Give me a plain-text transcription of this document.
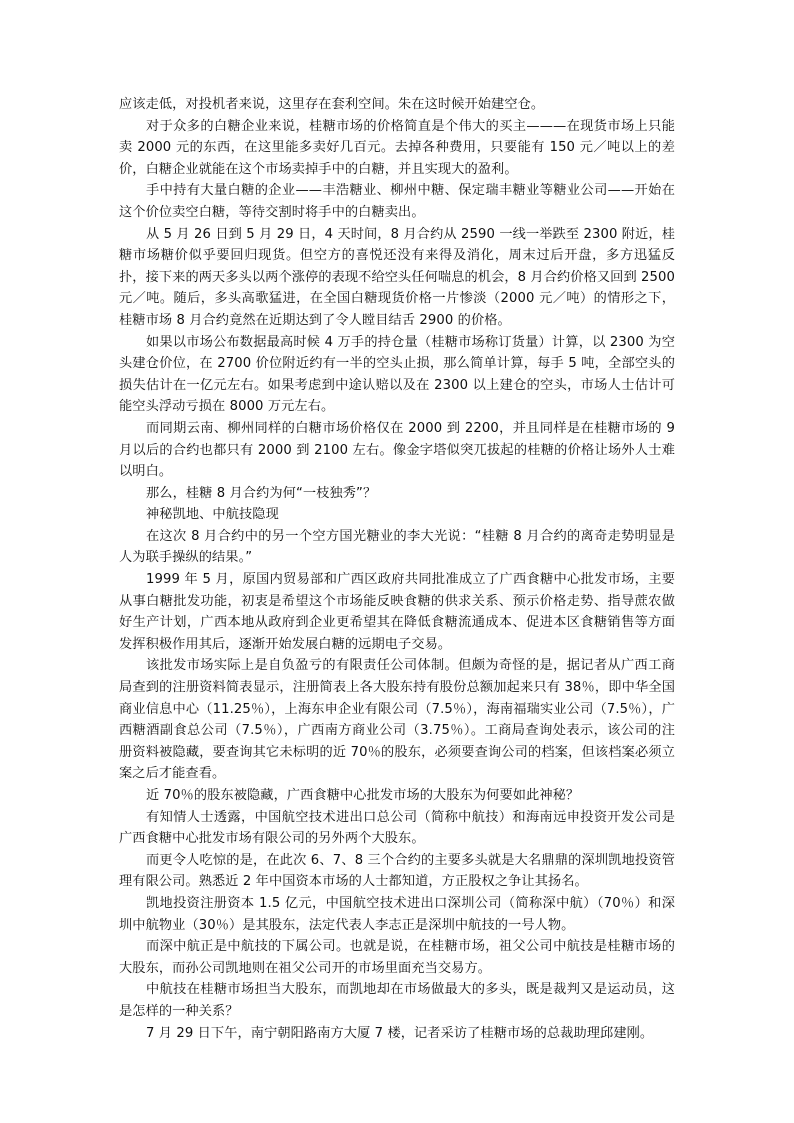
应该走低，对投机者来说，这里存在套利空间。朱在这时候开始建空仓。

对于众多的白糖企业来说，桂糖市场的价格简直是个伟大的买主———在现货市场上只能卖 2000 元的东西，在这里能多卖好几百元。去掉各种费用，只要能有 150 元／吨以上的差价，白糖企业就能在这个市场卖掉手中的白糖，并且实现大的盈利。

手中持有大量白糖的企业——丰浩糖业、柳州中糖、保定瑞丰糖业等糖业公司——开始在这个价位卖空白糖，等待交割时将手中的白糖卖出。

从 5 月 26 日到 5 月 29 日，4 天时间，8 月合约从 2590 一线一举跌至 2300 附近，桂糖市场糖价似乎要回归现货。但空方的喜悦还没有来得及消化，周末过后开盘，多方迅猛反扑，接下来的两天多头以两个涨停的表现不给空头任何喘息的机会，8 月合约价格又回到 2500元／吨。随后，多头高歌猛进，在全国白糖现货价格一片惨淡（2000 元／吨）的情形之下，桂糖市场 8 月合约竟然在近期达到了令人瞠目结舌 2900 的价格。

如果以市场公布数据最高时候 4 万手的持仓量（桂糖市场称订货量）计算，以 2300 为空头建仓价位，在 2700 价位附近约有一半的空头止损，那么简单计算，每手 5 吨，全部空头的损失估计在一亿元左右。如果考虑到中途认赔以及在 2300 以上建仓的空头，市场人士估计可能空头浮动亏损在 8000 万元左右。

而同期云南、柳州同样的白糖市场价格仅在 2000 到 2200，并且同样是在桂糖市场的 9 月以后的合约也都只有 2000 到 2100 左右。像金字塔似突兀拔起的桂糖的价格让场外人士难以明白。

那么，桂糖 8 月合约为何“一枝独秀”？

神秘凯地、中航技隐现

在这次 8 月合约中的另一个空方国光糖业的李大光说：“桂糖 8 月合约的离奇走势明显是人为联手操纵的结果。”

1999 年 5 月，原国内贸易部和广西区政府共同批准成立了广西食糖中心批发市场，主要从事白糖批发功能，初衷是希望这个市场能反映食糖的供求关系、预示价格走势、指导蔗农做好生产计划，广西本地从政府到企业更希望其在降低食糖流通成本、促进本区食糖销售等方面发挥积极作用其后，逐渐开始发展白糖的远期电子交易。

该批发市场实际上是自负盈亏的有限责任公司体制。但颇为奇怪的是，据记者从广西工商局查到的注册资料简表显示，注册简表上各大股东持有股份总额加起来只有 38％，即中华全国商业信息中心（11.25％），上海东申企业有限公司（7.5％），海南福瑞实业公司（7.5％），广西糖酒副食总公司（7.5％），广西南方商业公司（3.75％）。工商局查询处表示，该公司的注册资料被隐藏，要查询其它未标明的近 70％的股东，必须要查询公司的档案，但该档案必须立案之后才能查看。

近 70％的股东被隐藏，广西食糖中心批发市场的大股东为何要如此神秘？

有知情人士透露，中国航空技术进出口总公司（简称中航技）和海南远申投资开发公司是广西食糖中心批发市场有限公司的另外两个大股东。

而更令人吃惊的是，在此次 6、7、8 三个合约的主要多头就是大名鼎鼎的深圳凯地投资管理有限公司。熟悉近 2 年中国资本市场的人士都知道，方正股权之争让其扬名。

凯地投资注册资本 1.5 亿元，中国航空技术进出口深圳公司（简称深中航）（70％）和深圳中航物业（30％）是其股东，法定代表人李志正是深圳中航技的一号人物。

而深中航正是中航技的下属公司。也就是说，在桂糖市场，祖父公司中航技是桂糖市场的大股东，而孙公司凯地则在祖父公司开的市场里面充当交易方。

中航技在桂糖市场担当大股东，而凯地却在市场做最大的多头，既是裁判又是运动员，这是怎样的一种关系？

7 月 29 日下午，南宁朝阳路南方大厦 7 楼，记者采访了桂糖市场的总裁助理邱建刚。
